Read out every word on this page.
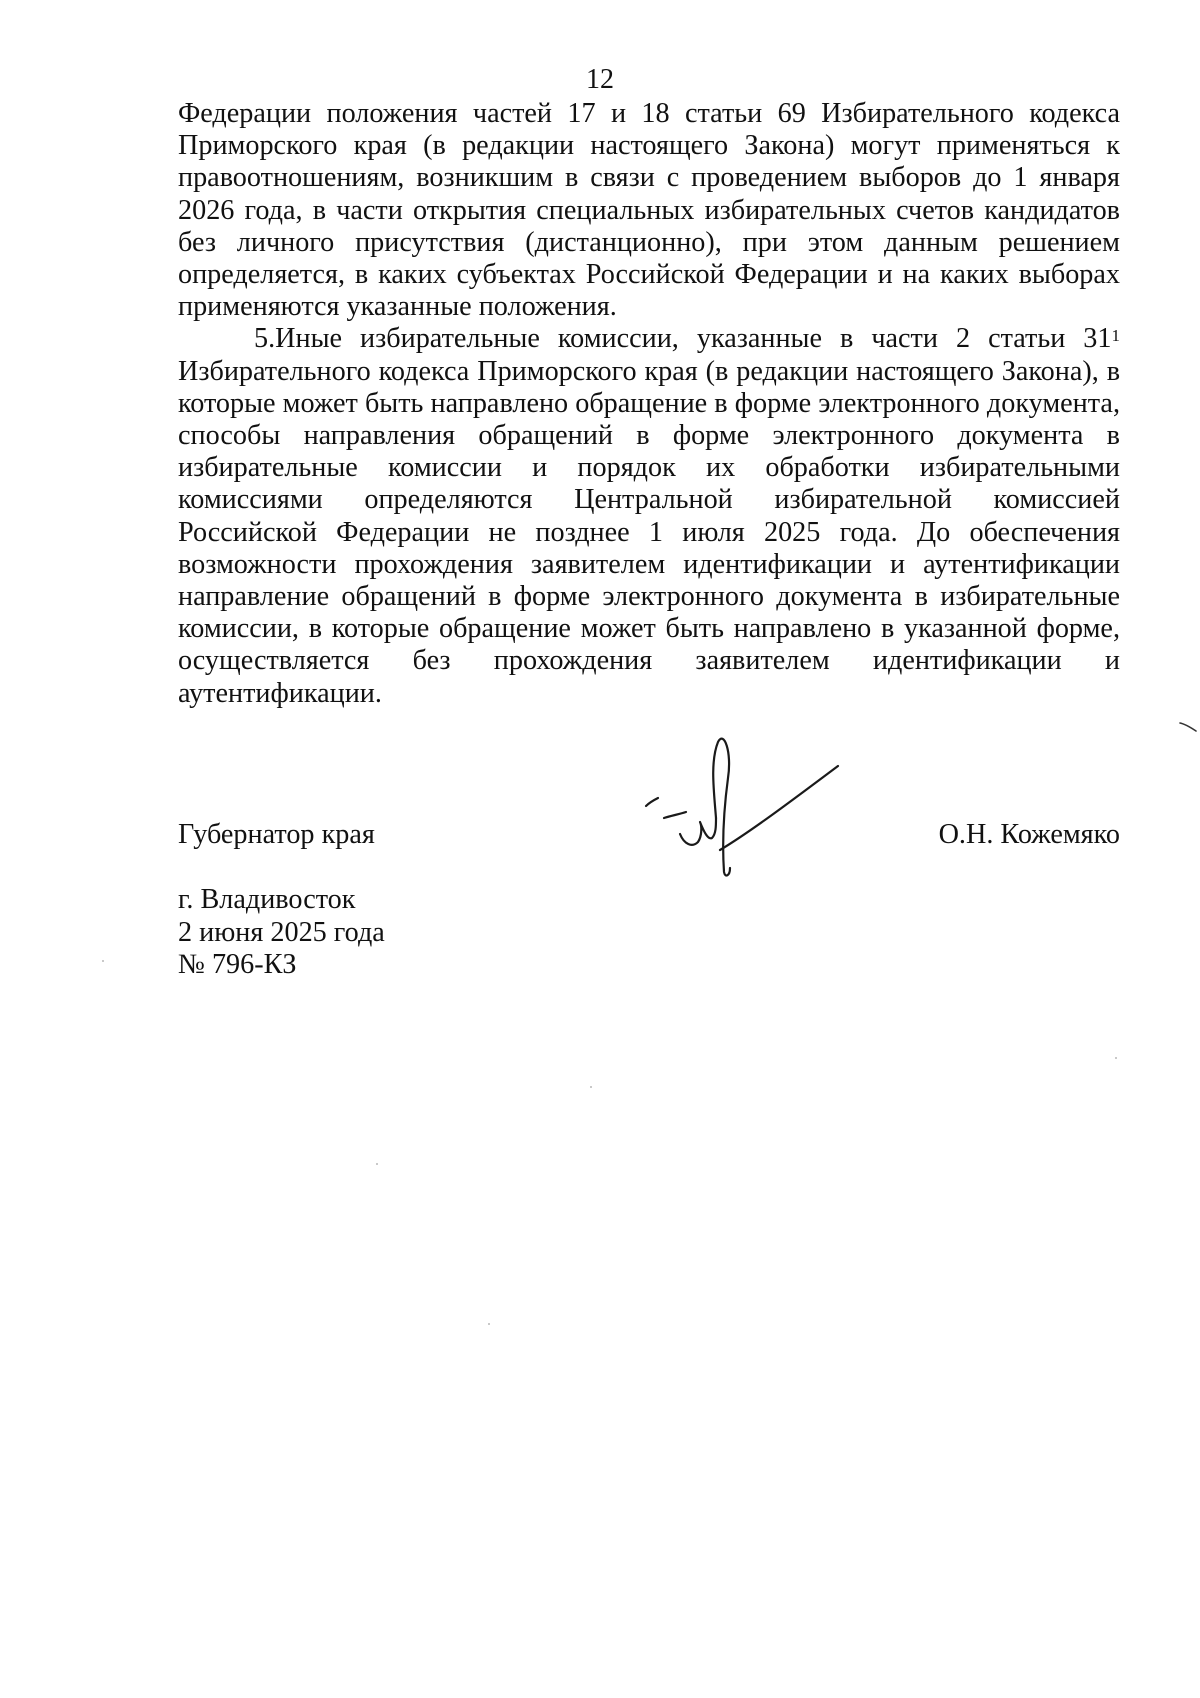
12

Федерации положения частей 17 и 18 статьи 69 Избирательного кодекса Приморского края (в редакции настоящего Закона) могут применяться к правоотношениям, возникшим в связи с проведением выборов до 1 января 2026 года, в части открытия специальных избирательных счетов кандидатов без личного присутствия (дистанционно), при этом данным решением определяется, в каких субъектах Российской Федерации и на каких выборах применяются указанные положения.

5.Иные избирательные комиссии, указанные в части 2 статьи $31^1$ Избирательного кодекса Приморского края (в редакции настоящего Закона), в которые может быть направлено обращение в форме электронного документа, способы направления обращений в форме электронного документа в избирательные комиссии и порядок их обработки избирательными комиссиями определяются Центральной избирательной комиссией Российской Федерации не позднее 1 июля 2025 года. До обеспечения возможности прохождения заявителем идентификации и аутентификации направление обращений в форме электронного документа в избирательные комиссии, в которые обращение может быть направлено в указанной форме, осуществляется без прохождения заявителем идентификации и аутентификации.

Губернатор края	О.Н. Кожемяко
г. Владивосток
2 июня 2025 года
№ 796-КЗ
